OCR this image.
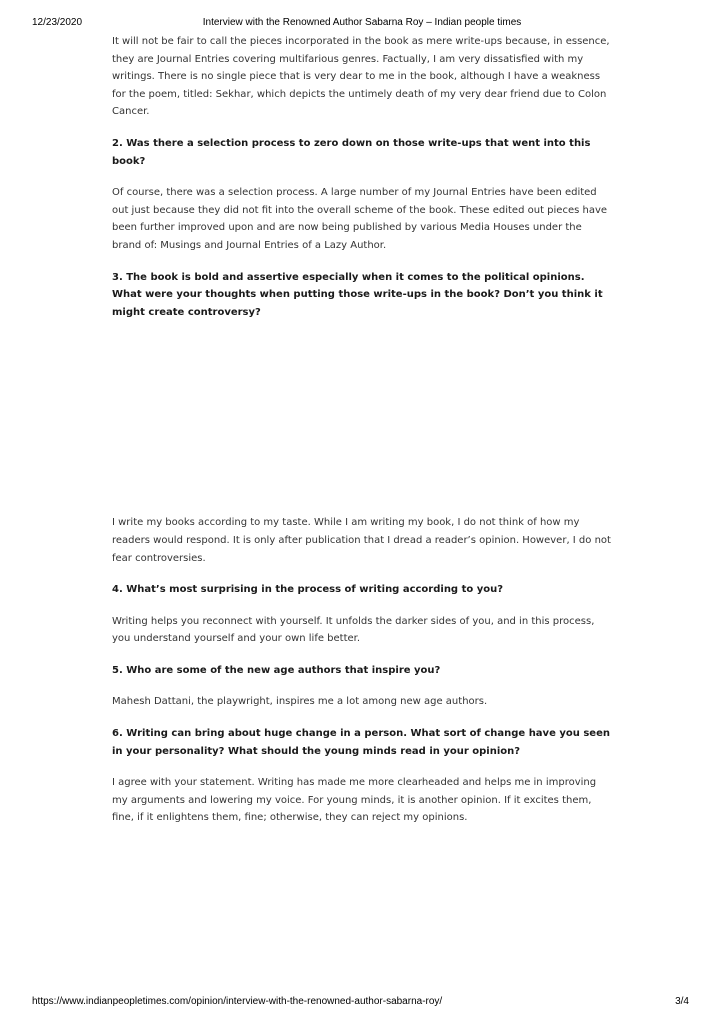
12/23/2020	Interview with the Renowned Author Sabarna Roy – Indian people times

It will not be fair to call the pieces incorporated in the book as mere write-ups because, in essence, they are Journal Entries covering multifarious genres. Factually, I am very dissatisfied with my writings. There is no single piece that is very dear to me in the book, although I have a weakness for the poem, titled: Sekhar, which depicts the untimely death of my very dear friend due to Colon Cancer.

2. Was there a selection process to zero down on those write-ups that went into this book?

Of course, there was a selection process. A large number of my Journal Entries have been edited out just because they did not fit into the overall scheme of the book. These edited out pieces have been further improved upon and are now being published by various Media Houses under the brand of: Musings and Journal Entries of a Lazy Author.

3. The book is bold and assertive especially when it comes to the political opinions. What were your thoughts when putting those write-ups in the book? Don’t you think it might create controversy?

I write my books according to my taste. While I am writing my book, I do not think of how my readers would respond. It is only after publication that I dread a reader’s opinion. However, I do not fear controversies.

4. What’s most surprising in the process of writing according to you?

Writing helps you reconnect with yourself. It unfolds the darker sides of you, and in this process, you understand yourself and your own life better.

5. Who are some of the new age authors that inspire you?

Mahesh Dattani, the playwright, inspires me a lot among new age authors.

6. Writing can bring about huge change in a person. What sort of change have you seen in your personality? What should the young minds read in your opinion?

I agree with your statement. Writing has made me more clearheaded and helps me in improving my arguments and lowering my voice. For young minds, it is another opinion. If it excites them, fine, if it enlightens them, fine; otherwise, they can reject my opinions.

https://www.indianpeopletimes.com/opinion/interview-with-the-renowned-author-sabarna-roy/	3/4
